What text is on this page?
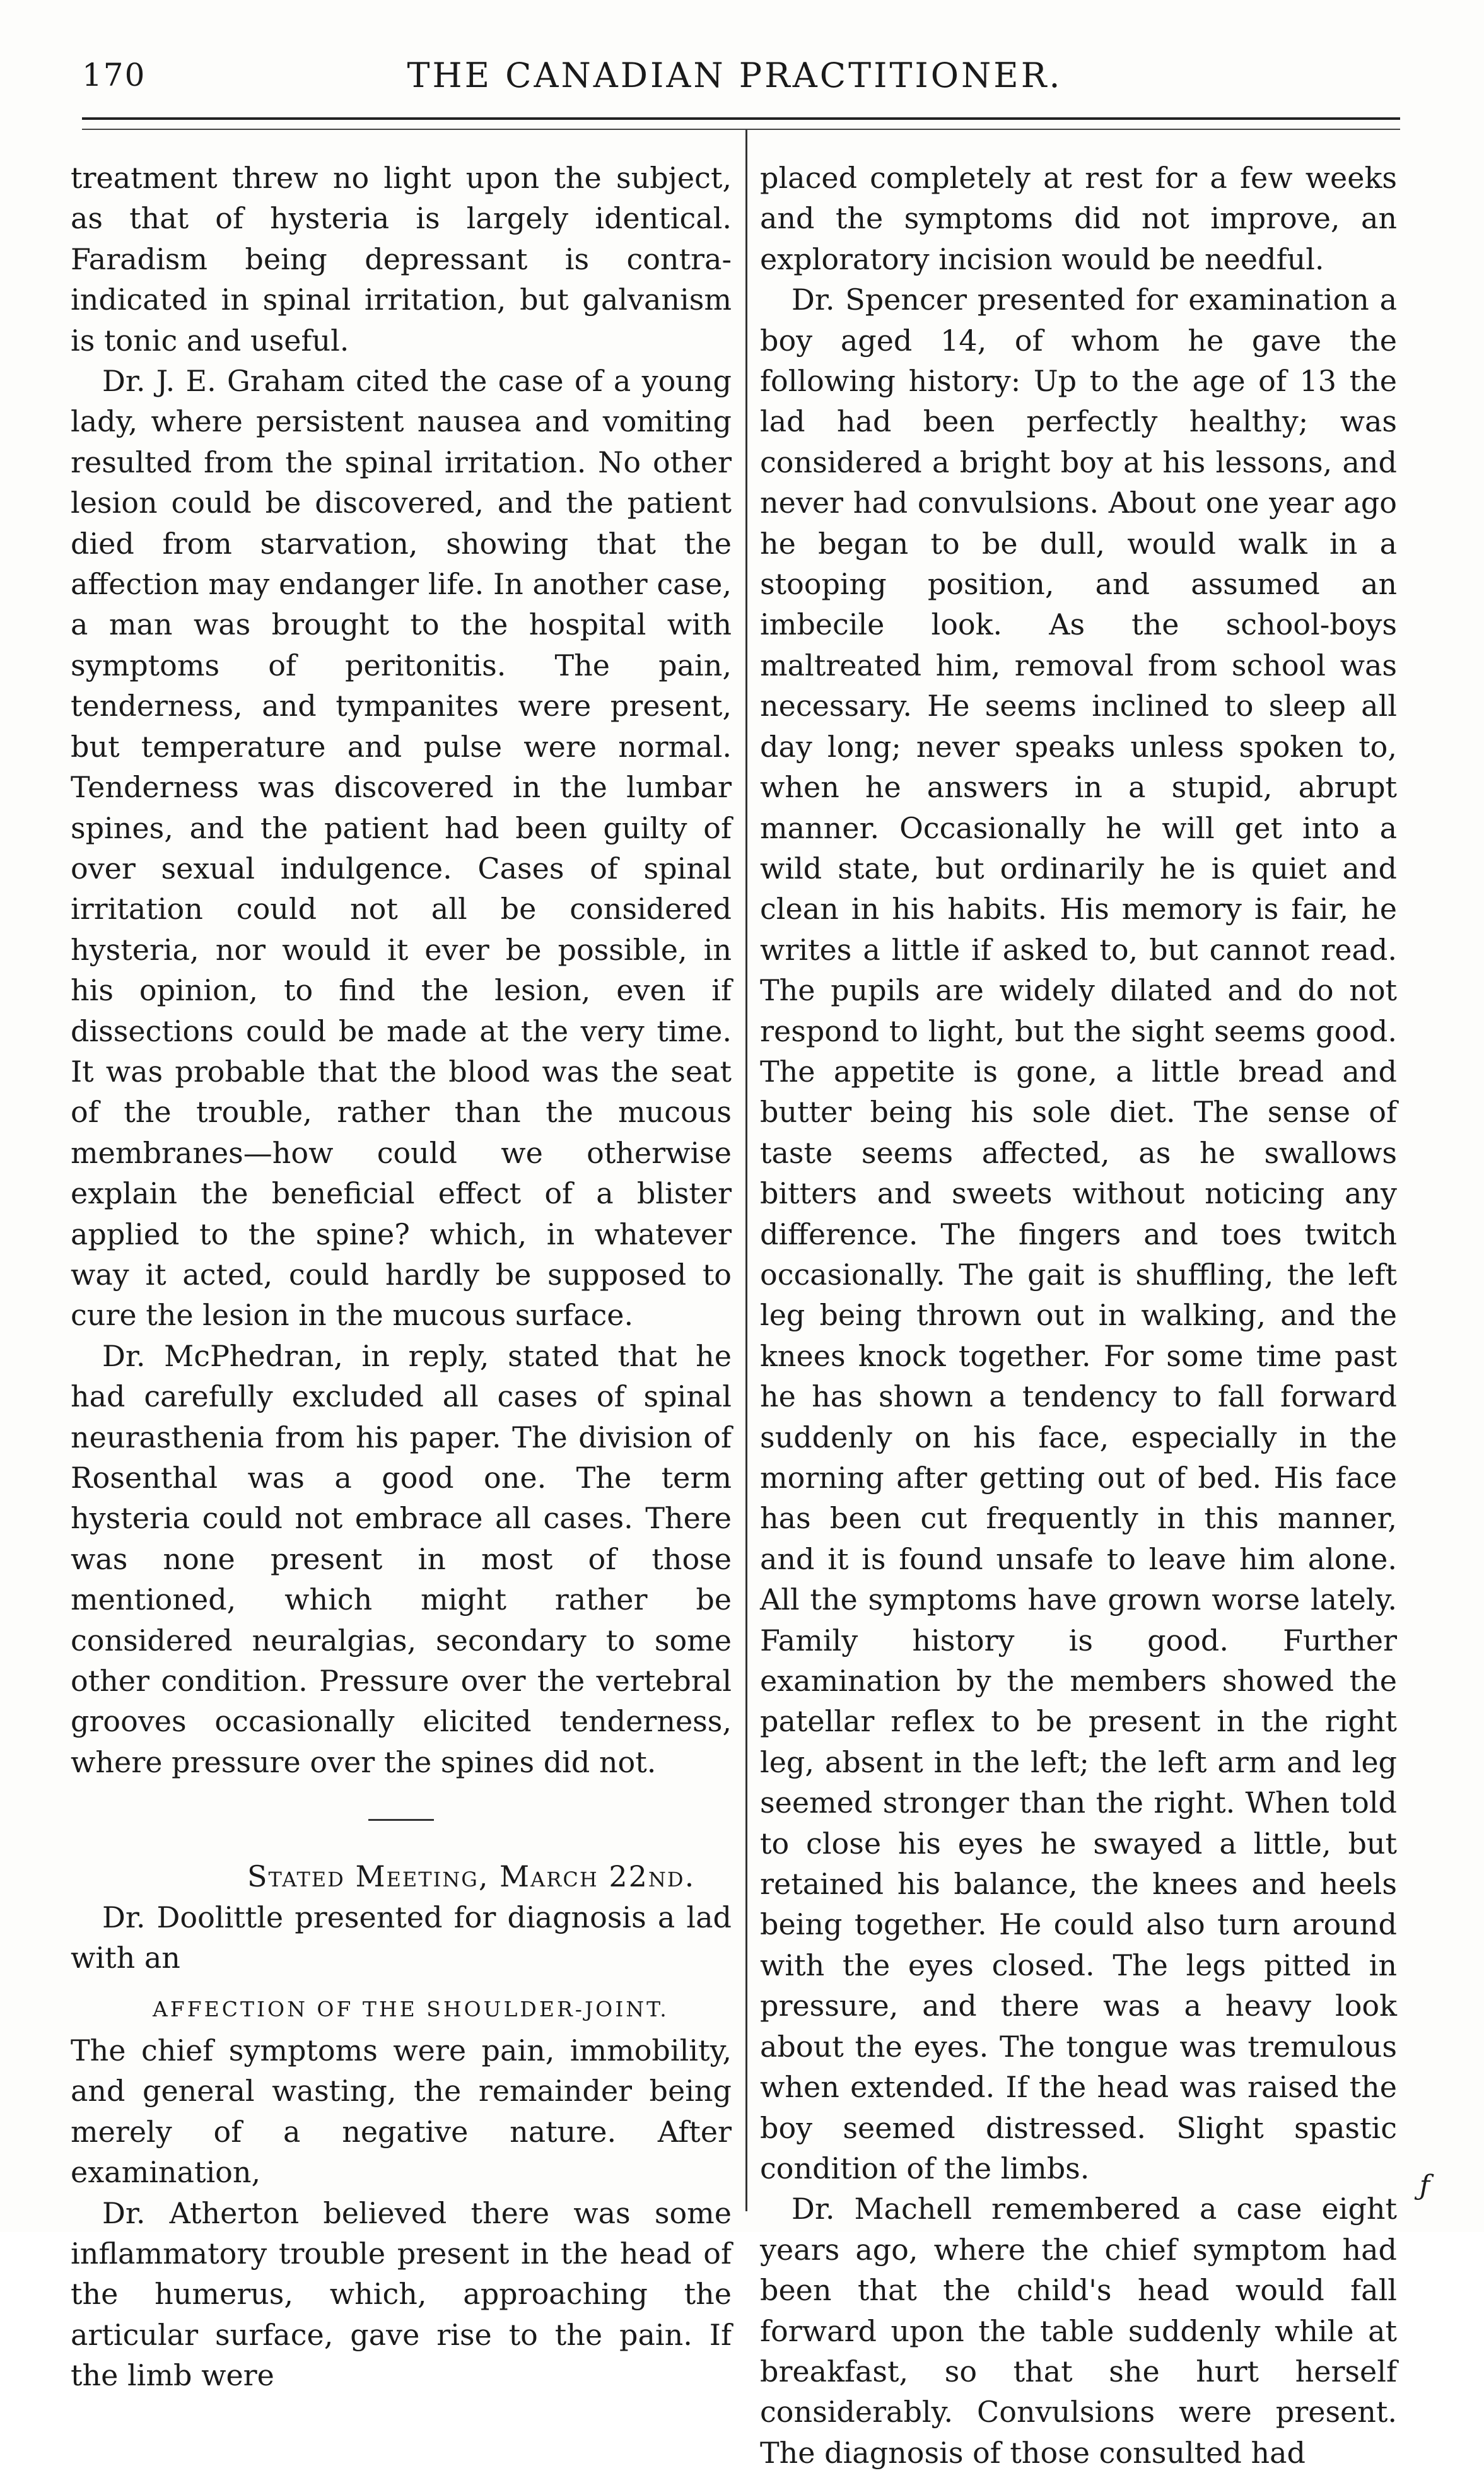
170	THE CANADIAN PRACTITIONER.

treatment threw no light upon the subject, as that of hysteria is largely identical. Faradism being depressant is contra-indicated in spinal irritation, but galvanism is tonic and useful.

Dr. J. E. Graham cited the case of a young lady, where persistent nausea and vomiting resulted from the spinal irritation. No other lesion could be discovered, and the patient died from starvation, showing that the affection may endanger life. In another case, a man was brought to the hospital with symptoms of peritonitis. The pain, tenderness, and tympanites were present, but temperature and pulse were normal. Tenderness was discovered in the lumbar spines, and the patient had been guilty of over sexual indulgence. Cases of spinal irritation could not all be considered hysteria, nor would it ever be possible, in his opinion, to find the lesion, even if dissections could be made at the very time. It was probable that the blood was the seat of the trouble, rather than the mucous membranes—how could we otherwise explain the beneficial effect of a blister applied to the spine? which, in whatever way it acted, could hardly be supposed to cure the lesion in the mucous surface.

Dr. McPhedran, in reply, stated that he had carefully excluded all cases of spinal neurasthenia from his paper. The division of Rosenthal was a good one. The term hysteria could not embrace all cases. There was none present in most of those mentioned, which might rather be considered neuralgias, secondary to some other condition. Pressure over the vertebral grooves occasionally elicited tenderness, where pressure over the spines did not.

Stated Meeting, March 22nd.

Dr. Doolittle presented for diagnosis a lad with an

AFFECTION OF THE SHOULDER-JOINT.

The chief symptoms were pain, immobility, and general wasting, the remainder being merely of a negative nature. After examination,

Dr. Atherton believed there was some inflammatory trouble present in the head of the humerus, which, approaching the articular surface, gave rise to the pain. If the limb were

placed completely at rest for a few weeks and the symptoms did not improve, an exploratory incision would be needful.

Dr. Spencer presented for examination a boy aged 14, of whom he gave the following history: Up to the age of 13 the lad had been perfectly healthy; was considered a bright boy at his lessons, and never had convulsions. About one year ago he began to be dull, would walk in a stooping position, and assumed an imbecile look. As the school-boys maltreated him, removal from school was necessary. He seems inclined to sleep all day long; never speaks unless spoken to, when he answers in a stupid, abrupt manner. Occasionally he will get into a wild state, but ordinarily he is quiet and clean in his habits. His memory is fair, he writes a little if asked to, but cannot read. The pupils are widely dilated and do not respond to light, but the sight seems good. The appetite is gone, a little bread and butter being his sole diet. The sense of taste seems affected, as he swallows bitters and sweets without noticing any difference. The fingers and toes twitch occasionally. The gait is shuffling, the left leg being thrown out in walking, and the knees knock together. For some time past he has shown a tendency to fall forward suddenly on his face, especially in the morning after getting out of bed. His face has been cut frequently in this manner, and it is found unsafe to leave him alone. All the symptoms have grown worse lately. Family history is good. Further examination by the members showed the patellar reflex to be present in the right leg, absent in the left; the left arm and leg seemed stronger than the right. When told to close his eyes he swayed a little, but retained his balance, the knees and heels being together. He could also turn around with the eyes closed. The legs pitted in pressure, and there was a heavy look about the eyes. The tongue was tremulous when extended. If the head was raised the boy seemed distressed. Slight spastic condition of the limbs.

Dr. Machell remembered a case eight years ago, where the chief symptom had been that the child's head would fall forward upon the table suddenly while at breakfast, so that she hurt herself considerably. Convulsions were present. The diagnosis of those consulted had

ƒ
